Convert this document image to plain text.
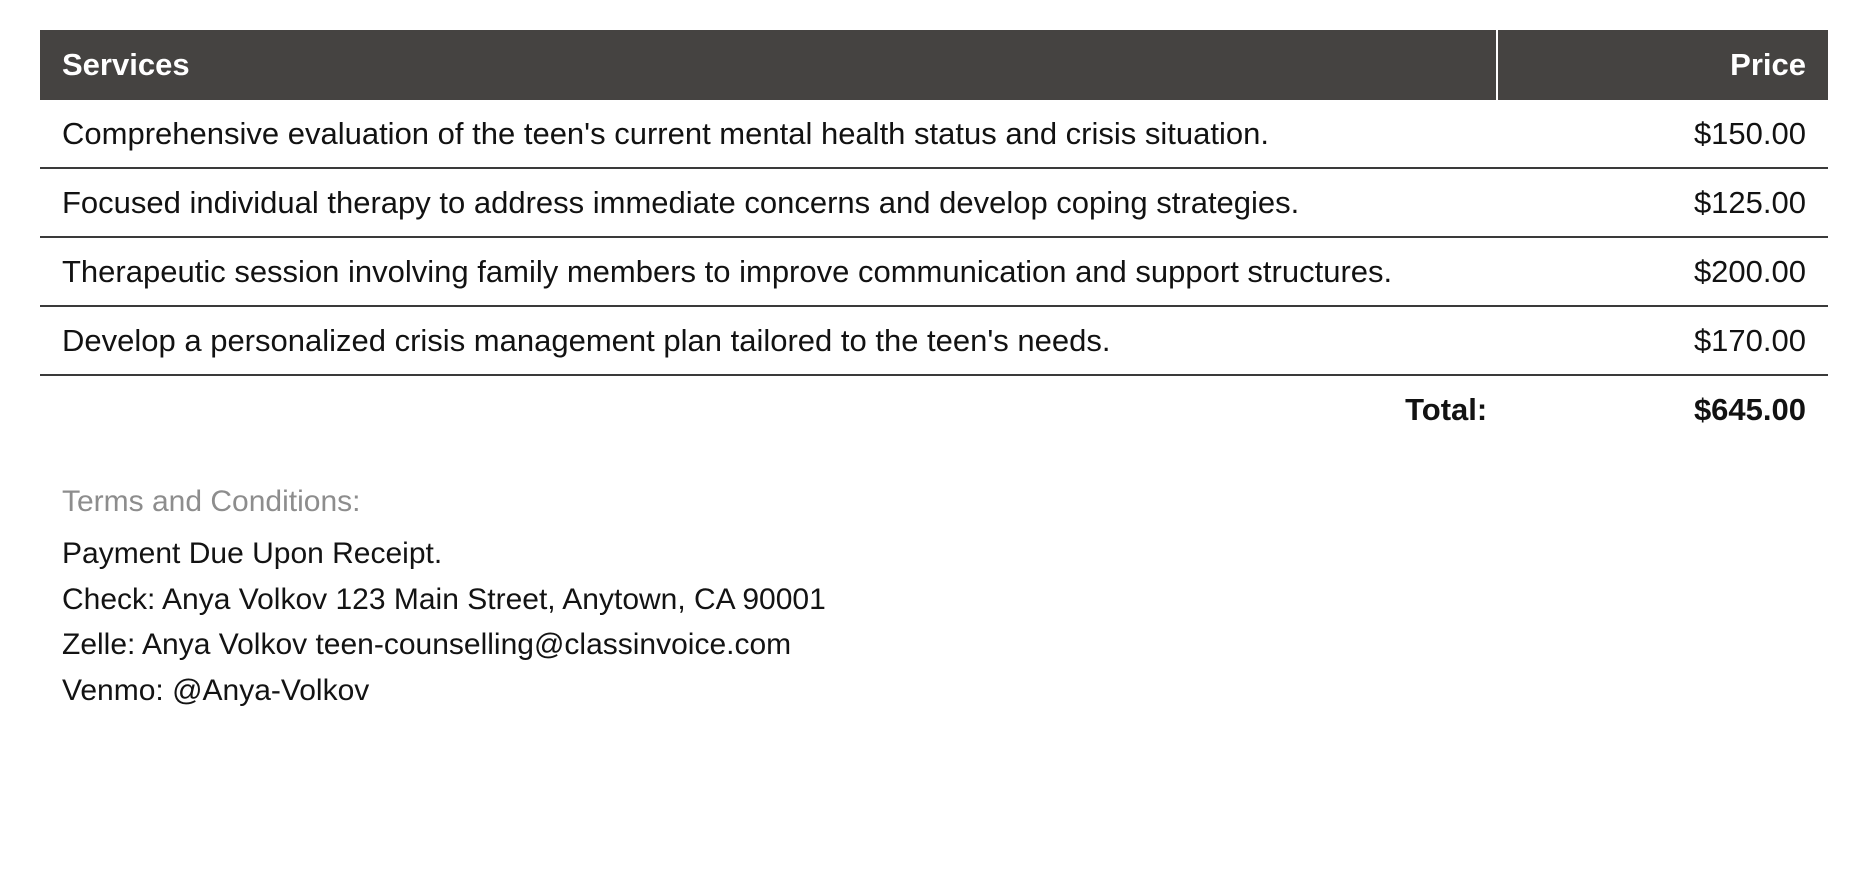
Services	Price
Comprehensive evaluation of the teen's current mental health status and crisis situation.	$150.00
Focused individual therapy to address immediate concerns and develop coping strategies.	$125.00
Therapeutic session involving family members to improve communication and support structures.	$200.00
Develop a personalized crisis management plan tailored to the teen's needs.	$170.00
Total:	$645.00
Terms and Conditions:
Payment Due Upon Receipt.
Check: Anya Volkov 123 Main Street, Anytown, CA 90001
Zelle: Anya Volkov teen-counselling@classinvoice.com
Venmo: @Anya-Volkov
